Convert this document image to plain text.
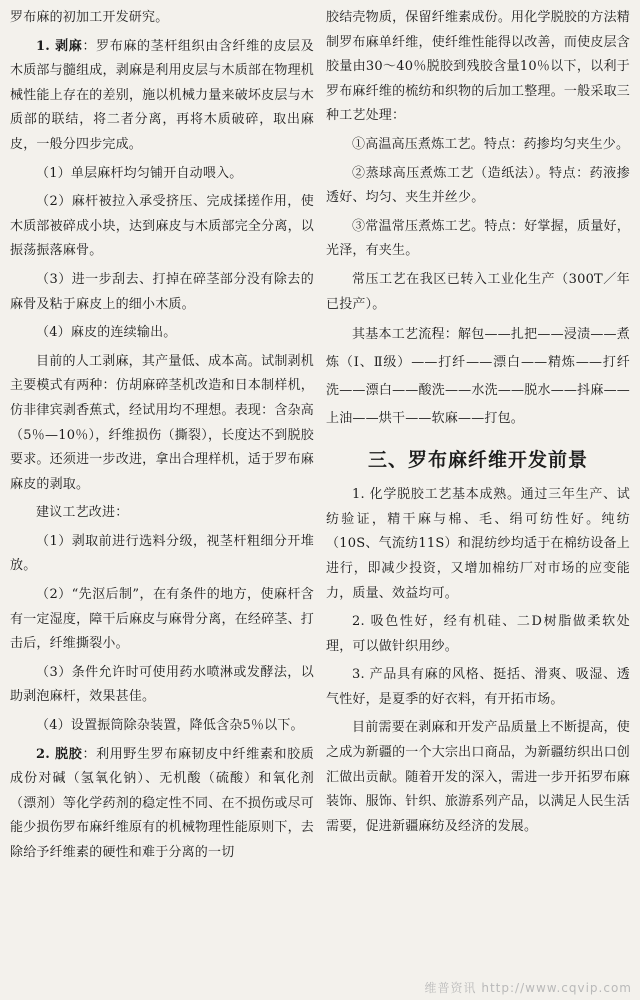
罗布麻的初加工开发研究。

1. 剥麻：罗布麻的茎杆组织由含纤维的皮层及木质部与髓组成，剥麻是利用皮层与木质部在物理机械性能上存在的差别，施以机械力量来破坏皮层与木质部的联结，将二者分离，再将木质破碎，取出麻皮，一般分四步完成。

（1）单层麻杆均匀铺开自动喂入。

（2）麻杆被拉入承受挤压、完成揉搓作用，使木质部被碎成小块，达到麻皮与木质部完全分离，以振荡振落麻骨。

（3）进一步刮去、打掉在碎茎部分没有除去的麻骨及粘于麻皮上的细小木质。

（4）麻皮的连续输出。

目前的人工剥麻，其产量低、成本高。试制剥机主要模式有两种：仿胡麻碎茎机改造和日本制样机，仿非律宾剥香蕉式，经试用均不理想。表现：含杂高（5％—10％），纤维损伤（撕裂），长度达不到脱胶要求。还须进一步改进，拿出合理样机，适于罗布麻麻皮的剥取。

建议工艺改进：

（1）剥取前进行选料分级，视茎杆粗细分开堆放。

（2）“先沤后制”，在有条件的地方，使麻杆含有一定湿度，障干后麻皮与麻骨分离，在经碎茎、打击后，纤维撕裂小。

（3）条件允许时可使用药水喷淋或发酵法，以助剥泡麻杆，效果甚佳。

（4）设置振筒除杂装置，降低含杂5％以下。

2. 脱胶：利用野生罗布麻韧皮中纤维素和胶质成份对碱（氢氧化钠）、无机酸（硫酸）和氧化剂（漂剂）等化学药剂的稳定性不同、在不损伤或尽可能少损伤罗布麻纤维原有的机械物理性能原则下，去除给予纤维素的硬性和难于分离的一切

胶结壳物质，保留纤维素成份。用化学脱胶的方法精制罗布麻单纤维，使纤维性能得以改善，而使皮层含胶量由30～40％脱胶到残胶含量10％以下，以利于罗布麻纤维的梳纺和织物的后加工整理。一般采取三种工艺处理：

①高温高压煮炼工艺。特点：药掺均匀夹生少。

②蒸球高压煮炼工艺（造纸法）。特点：药液掺透好、均匀、夹生并丝少。

③常温常压煮炼工艺。特点：好掌握，质量好，光泽，有夹生。

常压工艺在我区已转入工业化生产（300T／年已投产）。

其基本工艺流程：解包——扎把——浸渍——煮炼（Ⅰ、Ⅱ级）——打纤——漂白——精炼——打纤洗——漂白——酸洗——水洗——脱水——抖麻——上油——烘干——软麻——打包。

三、罗布麻纤维开发前景

1. 化学脱胶工艺基本成熟。通过三年生产、试纺验证，精干麻与棉、毛、绢可纺性好。纯纺（10S、气流纺11S）和混纺纱均适于在棉纺设备上进行，即减少投资，又增加棉纺厂对市场的应变能力，质量、效益均可。

2. 吸色性好，经有机硅、二D树脂做柔软处理，可以做针织用纱。

3. 产品具有麻的风格、挺括、滑爽、吸湿、透气性好，是夏季的好衣料，有开拓市场。

目前需要在剥麻和开发产品质量上不断提高，使之成为新疆的一个大宗出口商品，为新疆纺织出口创汇做出贡献。随着开发的深入，需进一步开拓罗布麻装饰、服饰、针织、旅游系列产品，以满足人民生活需要，促进新疆麻纺及经济的发展。

维普资讯 http://www.cqvip.com
